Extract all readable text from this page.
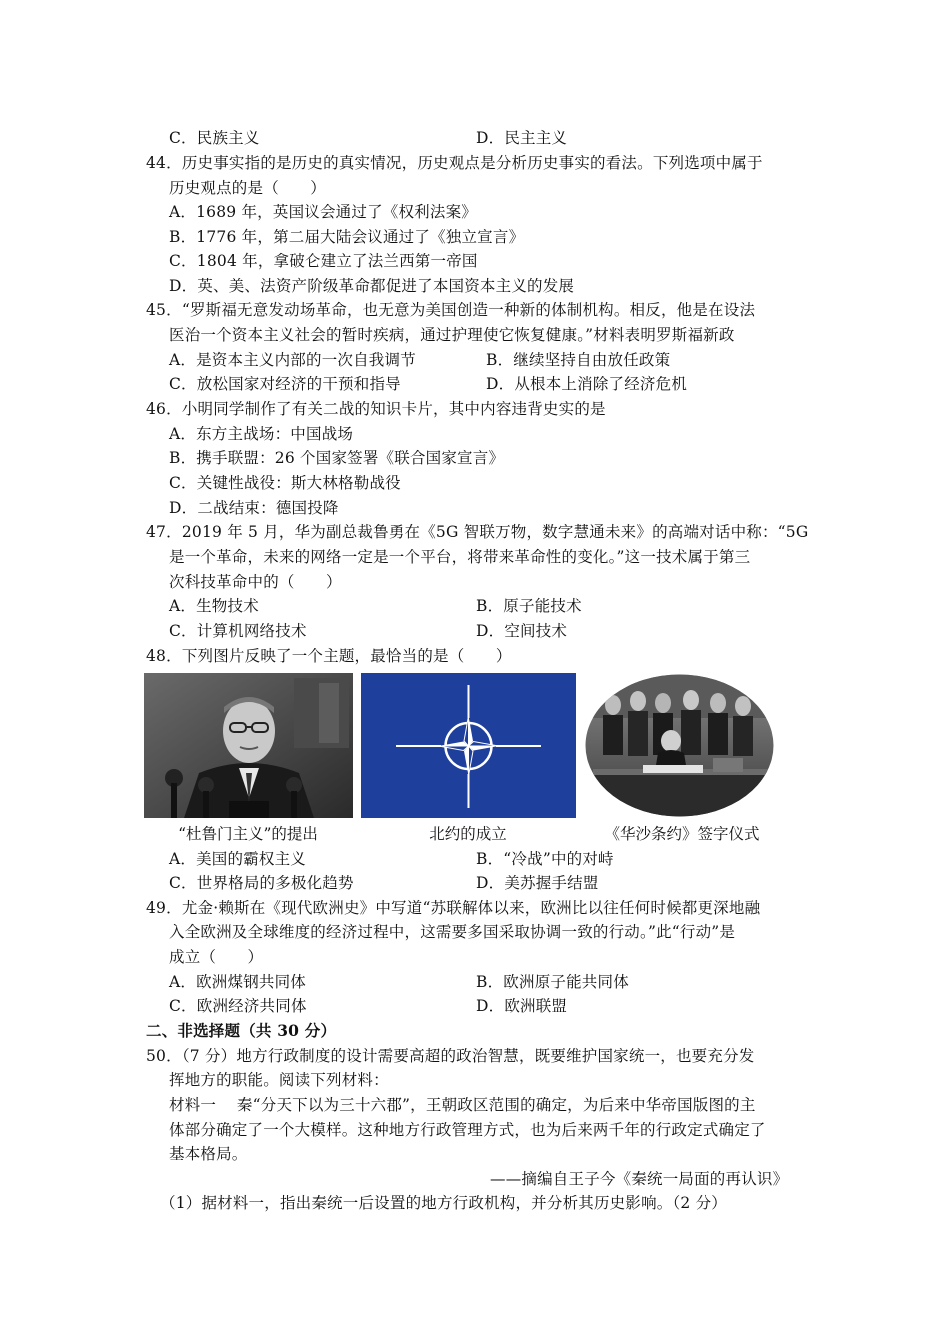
C．民族主义	D．民主主义
44．历史事实指的是历史的真实情况，历史观点是分析历史事实的看法。下列选项中属于
历史观点的是（　　）
A．1689 年，英国议会通过了《权利法案》
B．1776 年，第二届大陆会议通过了《独立宣言》
C．1804 年，拿破仑建立了法兰西第一帝国
D．英、美、法资产阶级革命都促进了本国资本主义的发展
45．“罗斯福无意发动场革命，也无意为美国创造一种新的体制机构。相反，他是在设法
医治一个资本主义社会的暂时疾病，通过护理使它恢复健康。”材料表明罗斯福新政
A．是资本主义内部的一次自我调节	B．继续坚持自由放任政策
C．放松国家对经济的干预和指导	D．从根本上消除了经济危机
46．小明同学制作了有关二战的知识卡片，其中内容违背史实的是
A．东方主战场：中国战场
B．携手联盟：26 个国家签署《联合国家宣言》
C．关键性战役：斯大林格勒战役
D．二战结束：德国投降
47．2019 年 5 月，华为副总裁鲁勇在《5G 智联万物，数字慧通未来》的高端对话中称：“5G
是一个革命，未来的网络一定是一个平台，将带来革命性的变化。”这一技术属于第三
次科技革命中的（　　）
A．生物技术	B．原子能技术
C．计算机网络技术	D．空间技术
48．下列图片反映了一个主题，最恰当的是（　　）
“杜鲁门主义”的提出	北约的成立	《华沙条约》签字仪式
A．美国的霸权主义	B．“冷战”中的对峙
C．世界格局的多极化趋势	D．美苏握手结盟
49．尤金·赖斯在《现代欧洲史》中写道“苏联解体以来，欧洲比以往任何时候都更深地融
入全欧洲及全球维度的经济过程中，这需要多国采取协调一致的行动。”此“行动”是
成立（　　）
A．欧洲煤钢共同体	B．欧洲原子能共同体
C．欧洲经济共同体	D．欧洲联盟
二、非选择题（共 30 分）
50．（7 分）地方行政制度的设计需要高超的政治智慧，既要维护国家统一，也要充分发
挥地方的职能。阅读下列材料：
材料一　 秦“分天下以为三十六郡”，王朝政区范围的确定，为后来中华帝国版图的主
体部分确定了一个大模样。这种地方行政管理方式，也为后来两千年的行政定式确定了
基本格局。
——摘编自王子今《秦统一局面的再认识》
（1）据材料一，指出秦统一后设置的地方行政机构，并分析其历史影响。（2 分）
